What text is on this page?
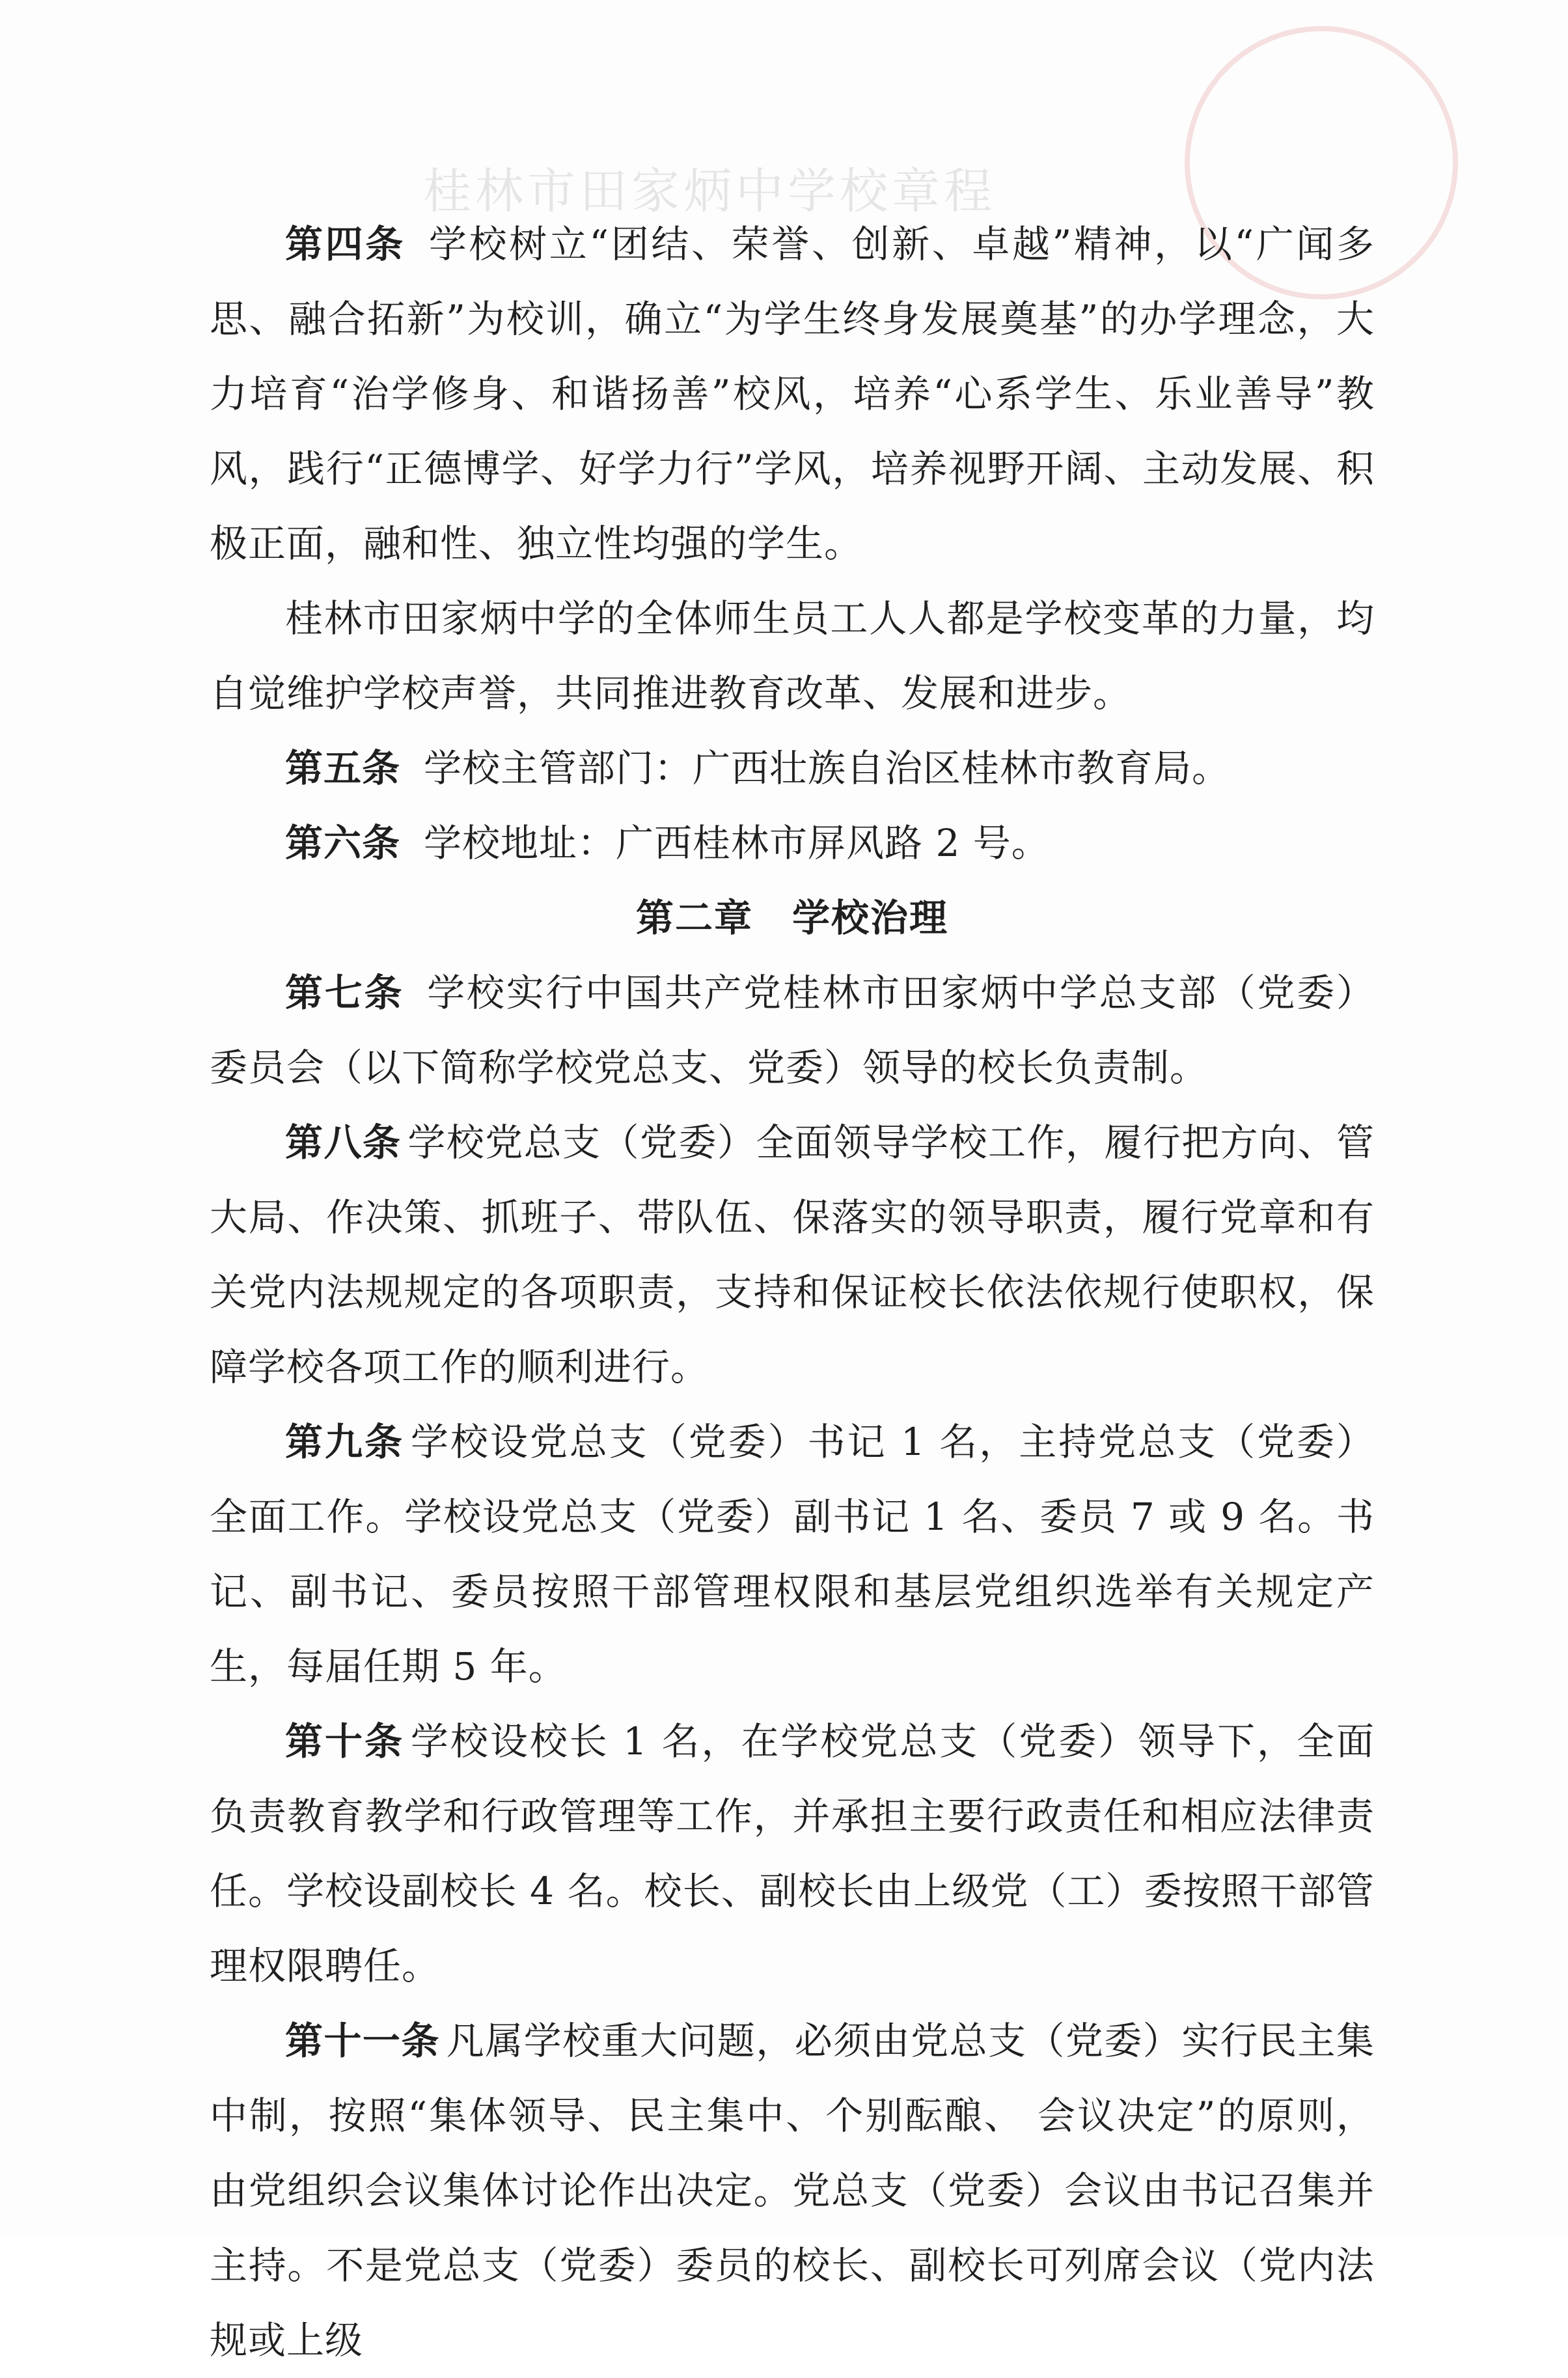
桂林市田家炳中学校章程

第四条 学校树立“团结、荣誉、创新、卓越”精神，以“广闻多思、融合拓新”为校训，确立“为学生终身发展奠基”的办学理念，大力培育“治学修身、和谐扬善”校风，培养“心系学生、乐业善导”教风，践行“正德博学、好学力行”学风，培养视野开阔、主动发展、积极正面，融和性、独立性均强的学生。

桂林市田家炳中学的全体师生员工人人都是学校变革的力量，均自觉维护学校声誉，共同推进教育改革、发展和进步。

第五条 学校主管部门：广西壮族自治区桂林市教育局。

第六条 学校地址：广西桂林市屏风路 2 号。

第二章 学校治理

第七条 学校实行中国共产党桂林市田家炳中学总支部（党委）委员会（以下简称学校党总支、党委）领导的校长负责制。

第八条 学校党总支（党委）全面领导学校工作，履行把方向、管大局、作决策、抓班子、带队伍、保落实的领导职责，履行党章和有关党内法规规定的各项职责，支持和保证校长依法依规行使职权，保障学校各项工作的顺利进行。

第九条 学校设党总支（党委）书记 1 名，主持党总支（党委）全面工作。学校设党总支（党委）副书记 1 名、委员 7 或 9 名。书记、副书记、委员按照干部管理权限和基层党组织选举有关规定产生，每届任期 5 年。

第十条 学校设校长 1 名，在学校党总支（党委）领导下，全面负责教育教学和行政管理等工作，并承担主要行政责任和相应法律责任。学校设副校长 4 名。校长、副校长由上级党（工）委按照干部管理权限聘任。

第十一条 凡属学校重大问题，必须由党总支（党委）实行民主集中制，按照“集体领导、民主集中、个别酝酿、 会议决定”的原则，由党组织会议集体讨论作出决定。党总支（党委）会议由书记召集并主持。不是党总支（党委）委员的校长、副校长可列席会议（党内法规或上级
